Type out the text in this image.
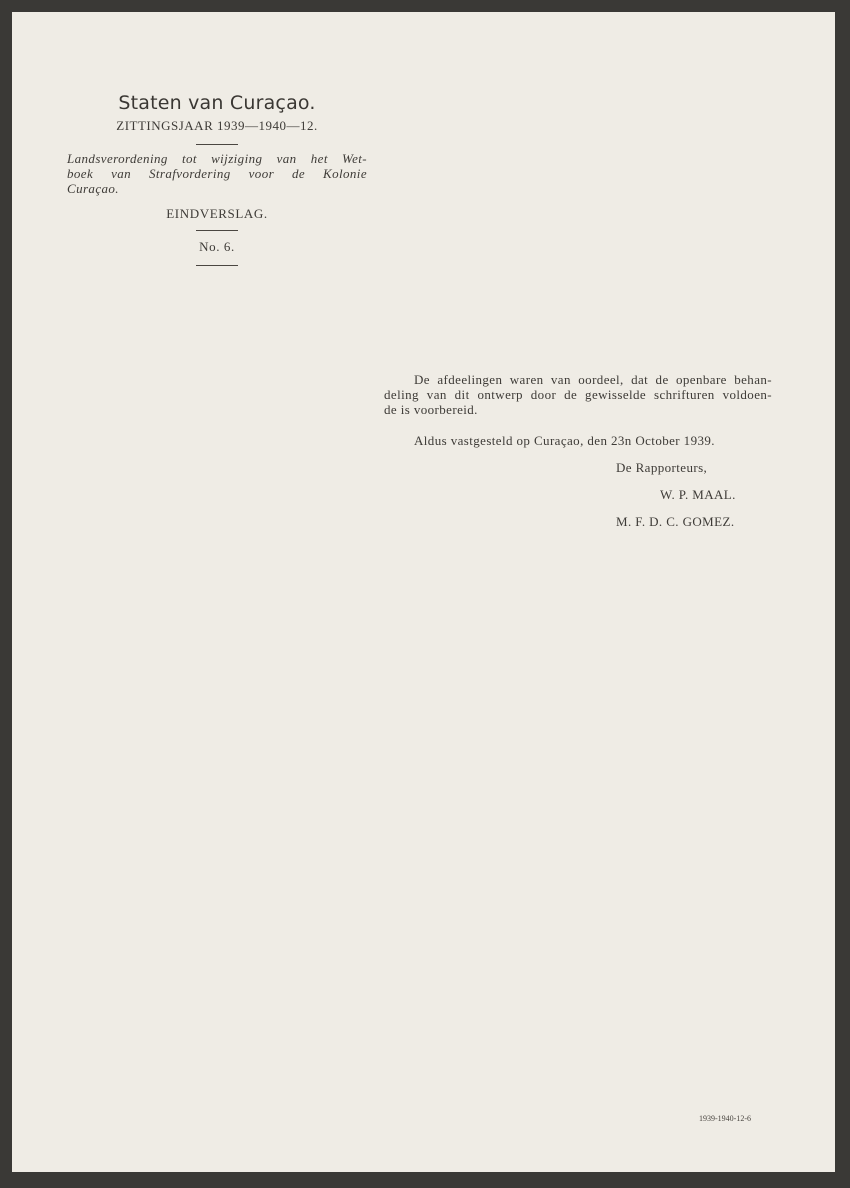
Staten van Curaçao.
ZITTINGSJAAR 1939—1940—12.
Landsverordening tot wijziging van het Wet-
boek van Strafvordering voor de Kolonie
Curaçao.
EINDVERSLAG.
No. 6.
De afdeelingen waren van oordeel, dat de openbare behan-
deling van dit ontwerp door de gewisselde schrifturen voldoen-
de is voorbereid.
Aldus vastgesteld op Curaçao, den 23n October 1939.
De Rapporteurs,
W. P. MAAL.
M. F. D. C. GOMEZ.
1939-1940-12-6
